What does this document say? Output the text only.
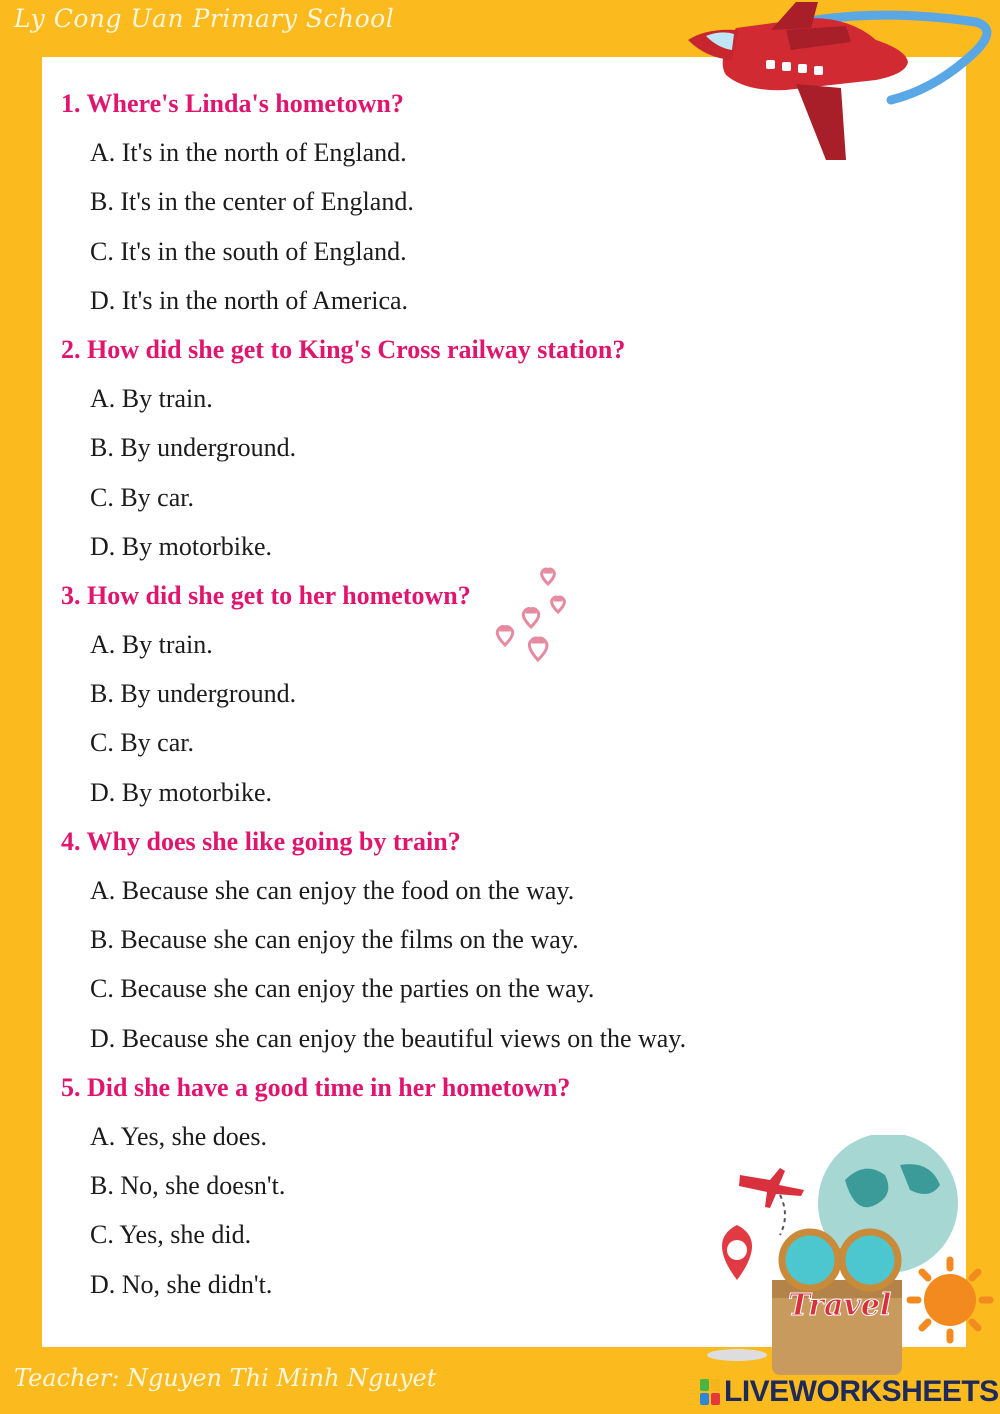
Ly Cong Uan Primary School
1. Where's Linda's hometown?
A. It's in the north of England.
B. It's in the center of England.
C. It's in the south of England.
D. It's in the north of America.
2. How did she get to King's Cross railway station?
A. By train.
B. By underground.
C. By car.
D. By motorbike.
3. How did she get to her hometown?
A. By train.
B. By underground.
C. By car.
D. By motorbike.
4. Why does she like going by train?
A. Because she can enjoy the food on the way.
B. Because she can enjoy the films on the way.
C. Because she can enjoy the parties on the way.
D. Because she can enjoy the beautiful views on the way.
5. Did she have a good time in her hometown?
A. Yes, she does.
B. No, she doesn't.
C. Yes, she did.
D. No, she didn't.
Travel
Teacher: Nguyen Thi Minh Nguyet	LIVEWORKSHEETS
